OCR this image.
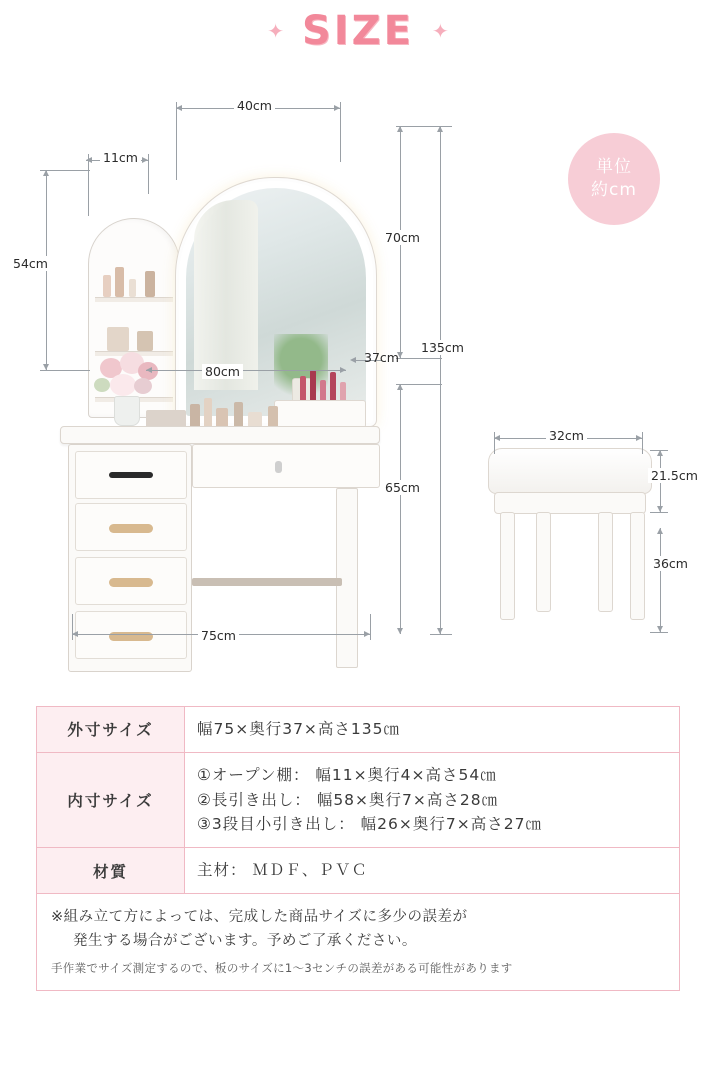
✦ SIZE ✦
単位
約cm
40cm
11cm
54cm
70cm
135cm
37cm
80cm
65cm
75cm
32cm
21.5cm
36cm
外寸サイズ	幅75×奥行37×高さ135㎝

内寸サイズ	①オープン棚： 幅11×奥行4×高さ54㎝
②長引き出し： 幅58×奥行7×高さ28㎝
③3段目小引き出し： 幅26×奥行7×高さ27㎝

材質	主材： ＭＤＦ、ＰＶＣ

※組み立て方によっては、完成した商品サイズに多少の誤差が
発生する場合がございます。予めご了承ください。
手作業でサイズ測定するので、板のサイズに1～3センチの誤差がある可能性があります	
